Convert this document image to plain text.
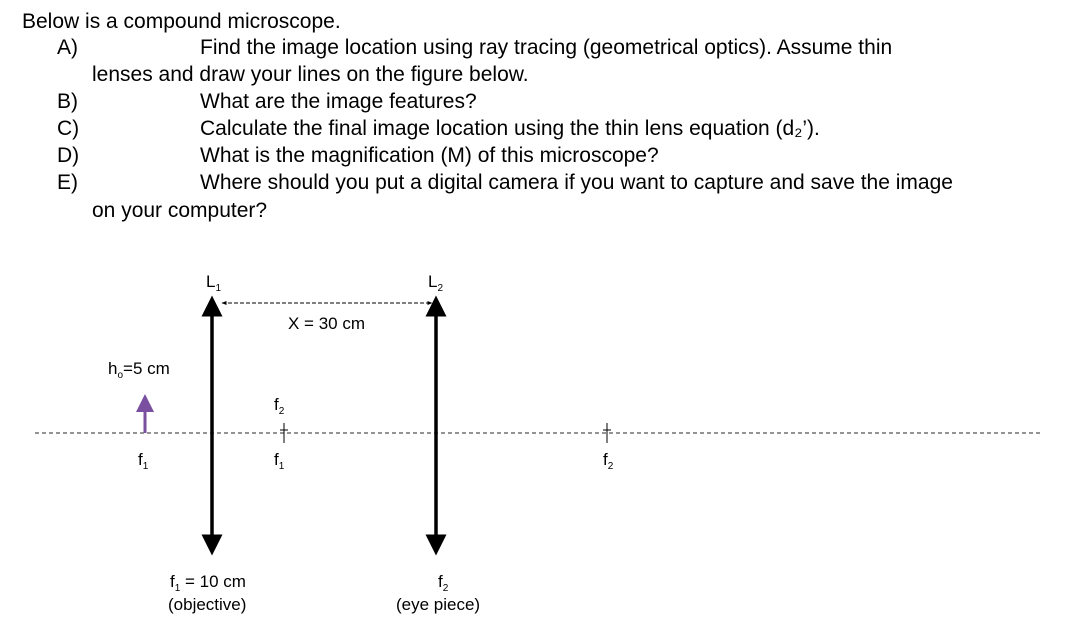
Below is a compound microscope.
A)	Find the image location using ray tracing (geometrical optics). Assume thin
lenses and draw your lines on the figure below.
B)	What are the image features?
C)	Calculate the final image location using the thin lens equation (d₂’).
D)	What is the magnification (M) of this microscope?
E)	Where should you put a digital camera if you want to capture and save the image
on your computer?
X = 30 cm
$L_1$	$L_2$
$h_o=5$ cm
$f_1$
$f_2$
$f_1$	$f_2$
$f_1 = 10$ cm
(objective)
$f_2$
(eye piece)
